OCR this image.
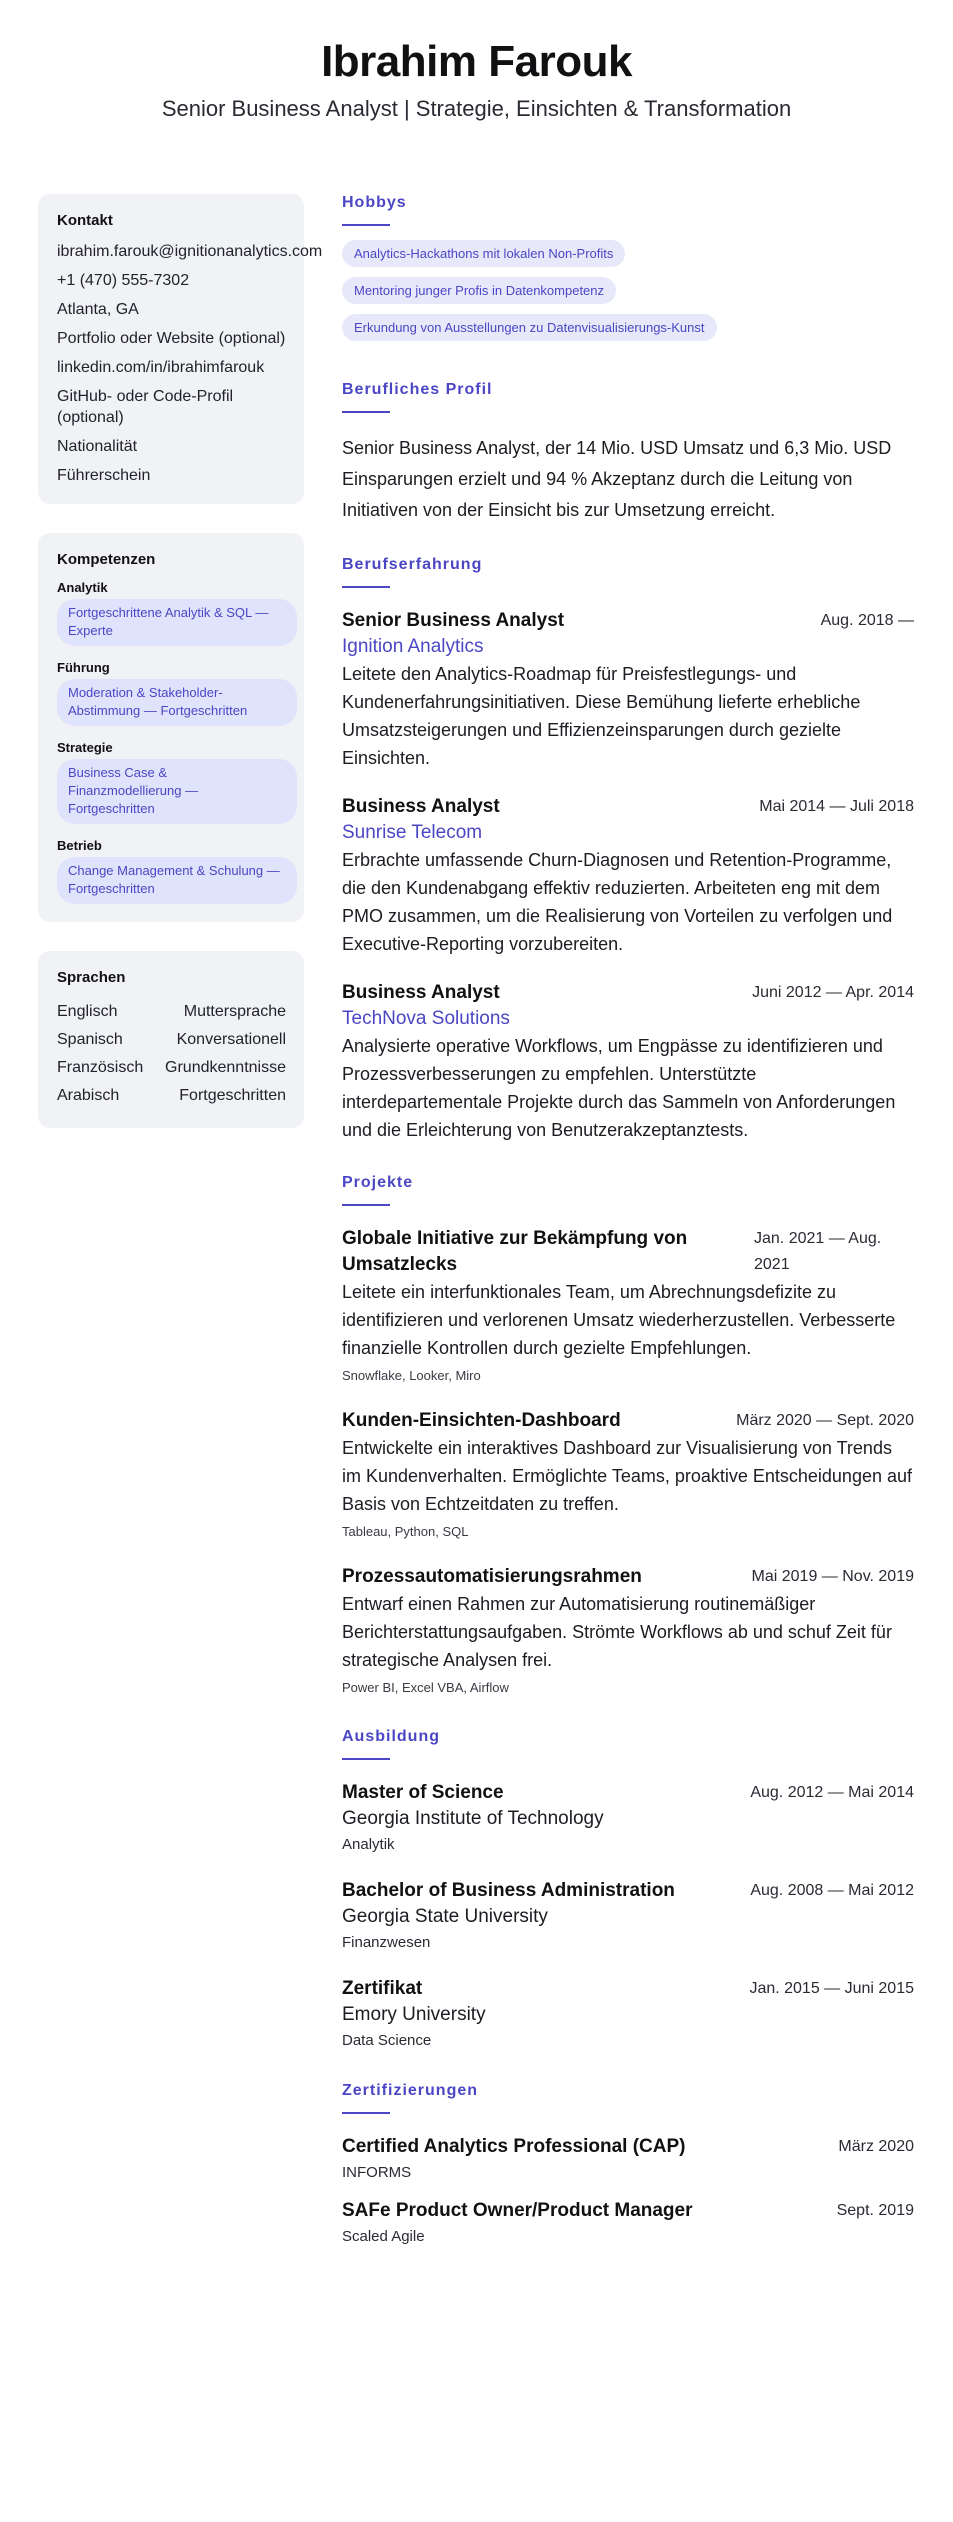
Ibrahim Farouk
Senior Business Analyst | Strategie, Einsichten & Transformation
Kontakt
ibrahim.farouk@ignitionanalytics.com
+1 (470) 555-7302
Atlanta, GA
Portfolio oder Website (optional)
linkedin.com/in/ibrahimfarouk
GitHub- oder Code-Profil (optional)
Nationalität
Führerschein
Kompetenzen
Analytik
Fortgeschrittene Analytik & SQL — Experte
Führung
Moderation & Stakeholder-Abstimmung — Fortgeschritten
Strategie
Business Case & Finanzmodellierung — Fortgeschritten
Betrieb
Change Management & Schulung — Fortgeschritten
Sprachen
Englisch	Muttersprache
Spanisch	Konversationell
Französisch Grundkenntnisse
Arabisch	Fortgeschritten
Hobbys
Analytics-Hackathons mit lokalen Non-Profits
Mentoring junger Profis in Datenkompetenz
Erkundung von Ausstellungen zu Datenvisualisierungs-Kunst
Berufliches Profil

Senior Business Analyst, der 14 Mio. USD Umsatz und 6,3 Mio. USD Einsparungen erzielt und 94 % Akzeptanz durch die Leitung von Initiativen von der Einsicht bis zur Umsetzung erreicht.

Berufserfahrung
Senior Business Analyst	Aug. 2018 —
Ignition Analytics
Leitete den Analytics-Roadmap für Preisfestlegungs- und Kundenerfahrungsinitiativen. Diese Bemühung lieferte erhebliche Umsatzsteigerungen und Effizienzeinsparungen durch gezielte Einsichten.
Business Analyst	Mai 2014 — Juli 2018
Sunrise Telecom
Erbrachte umfassende Churn-Diagnosen und Retention-Programme, die den Kundenabgang effektiv reduzierten. Arbeiteten eng mit dem PMO zusammen, um die Realisierung von Vorteilen zu verfolgen und Executive-Reporting vorzubereiten.
Business Analyst	Juni 2012 — Apr. 2014
TechNova Solutions
Analysierte operative Workflows, um Engpässe zu identifizieren und Prozessverbesserungen zu empfehlen. Unterstützte interdepartementale Projekte durch das Sammeln von Anforderungen und die Erleichterung von Benutzerakzeptanztests.
Projekte
Globale Initiative zur Bekämpfung von Umsatzlecks
Jan. 2021 — Aug. 2021
Leitete ein interfunktionales Team, um Abrechnungsdefizite zu identifizieren und verlorenen Umsatz wiederherzustellen. Verbesserte finanzielle Kontrollen durch gezielte Empfehlungen.
Snowflake, Looker, Miro
Kunden-Einsichten-Dashboard	März 2020 — Sept. 2020
Entwickelte ein interaktives Dashboard zur Visualisierung von Trends im Kundenverhalten. Ermöglichte Teams, proaktive Entscheidungen auf Basis von Echtzeitdaten zu treffen.
Tableau, Python, SQL
Prozessautomatisierungsrahmen	Mai 2019 — Nov. 2019
Entwarf einen Rahmen zur Automatisierung routinemäßiger Berichterstattungsaufgaben. Strömte Workflows ab und schuf Zeit für strategische Analysen frei.
Power BI, Excel VBA, Airflow
Ausbildung
Master of Science	Aug. 2012 — Mai 2014
Georgia Institute of Technology
Analytik
Bachelor of Business Administration	Aug. 2008 — Mai 2012
Georgia State University
Finanzwesen
Zertifikat	Jan. 2015 — Juni 2015
Emory University
Data Science
Zertifizierungen
Certified Analytics Professional (CAP)	März 2020
INFORMS
SAFe Product Owner/Product Manager	Sept. 2019
Scaled Agile
